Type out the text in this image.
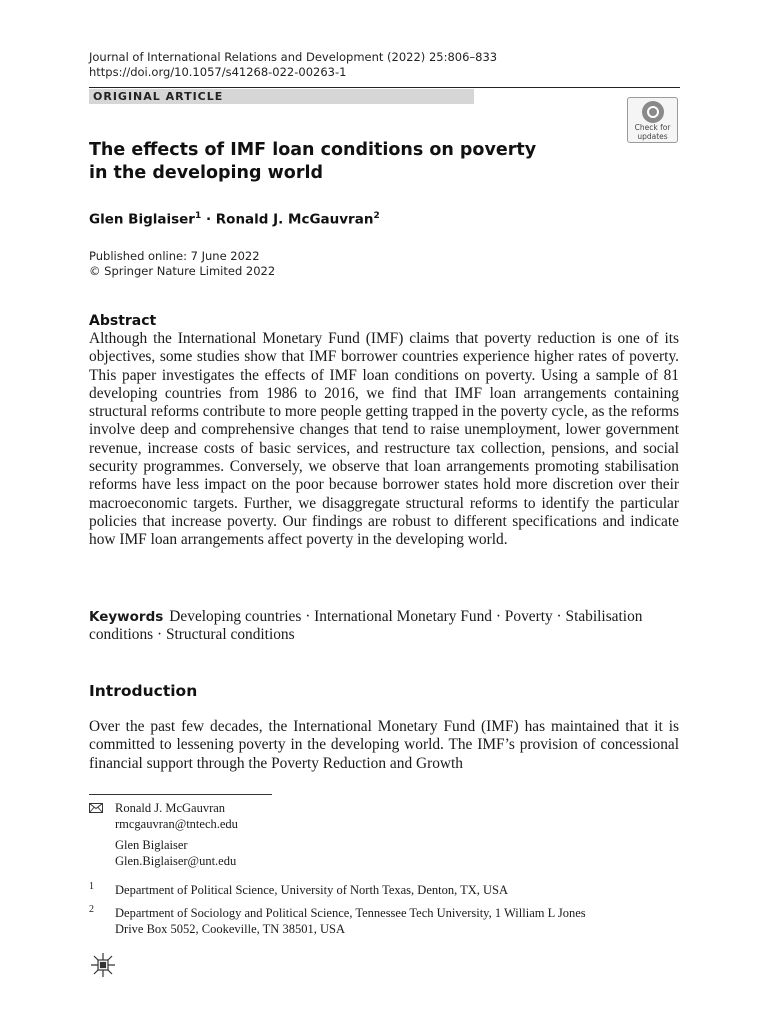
Journal of International Relations and Development (2022) 25:806–833
https://doi.org/10.1057/s41268-022-00263-1
ORIGINAL ARTICLE
Check for
updates
The effects of IMF loan conditions on poverty
in the developing world
Glen Biglaiser$^1$ · Ronald J. McGauvran$^2$
Published online: 7 June 2022
© Springer Nature Limited 2022
Abstract
Although the International Monetary Fund (IMF) claims that poverty reduction is one of its objectives, some studies show that IMF borrower countries experience higher rates of poverty. This paper investigates the effects of IMF loan conditions on poverty. Using a sample of 81 developing countries from 1986 to 2016, we find that IMF loan arrangements containing structural reforms contribute to more people getting trapped in the poverty cycle, as the reforms involve deep and comprehensive changes that tend to raise unemployment, lower government revenue, increase costs of basic services, and restructure tax collection, pensions, and social security programmes. Conversely, we observe that loan arrangements promoting stabilisation reforms have less impact on the poor because borrower states hold more discretion over their macroeconomic targets. Further, we disaggregate structural reforms to identify the particular policies that increase poverty. Our findings are robust to different specifications and indicate how IMF loan arrangements affect poverty in the developing world.
Keywords Developing countries · International Monetary Fund · Poverty · Stabilisation conditions · Structural conditions
Introduction
Over the past few decades, the International Monetary Fund (IMF) has maintained that it is committed to lessening poverty in the developing world. The IMF’s provision of concessional financial support through the Poverty Reduction and Growth
Ronald J. McGauvran
rmcgauvran@tntech.edu
Glen Biglaiser
Glen.Biglaiser@unt.edu
1 Department of Political Science, University of North Texas, Denton, TX, USA
2 Department of Sociology and Political Science, Tennessee Tech University, 1 William L Jones
Drive Box 5052, Cookeville, TN 38501, USA
